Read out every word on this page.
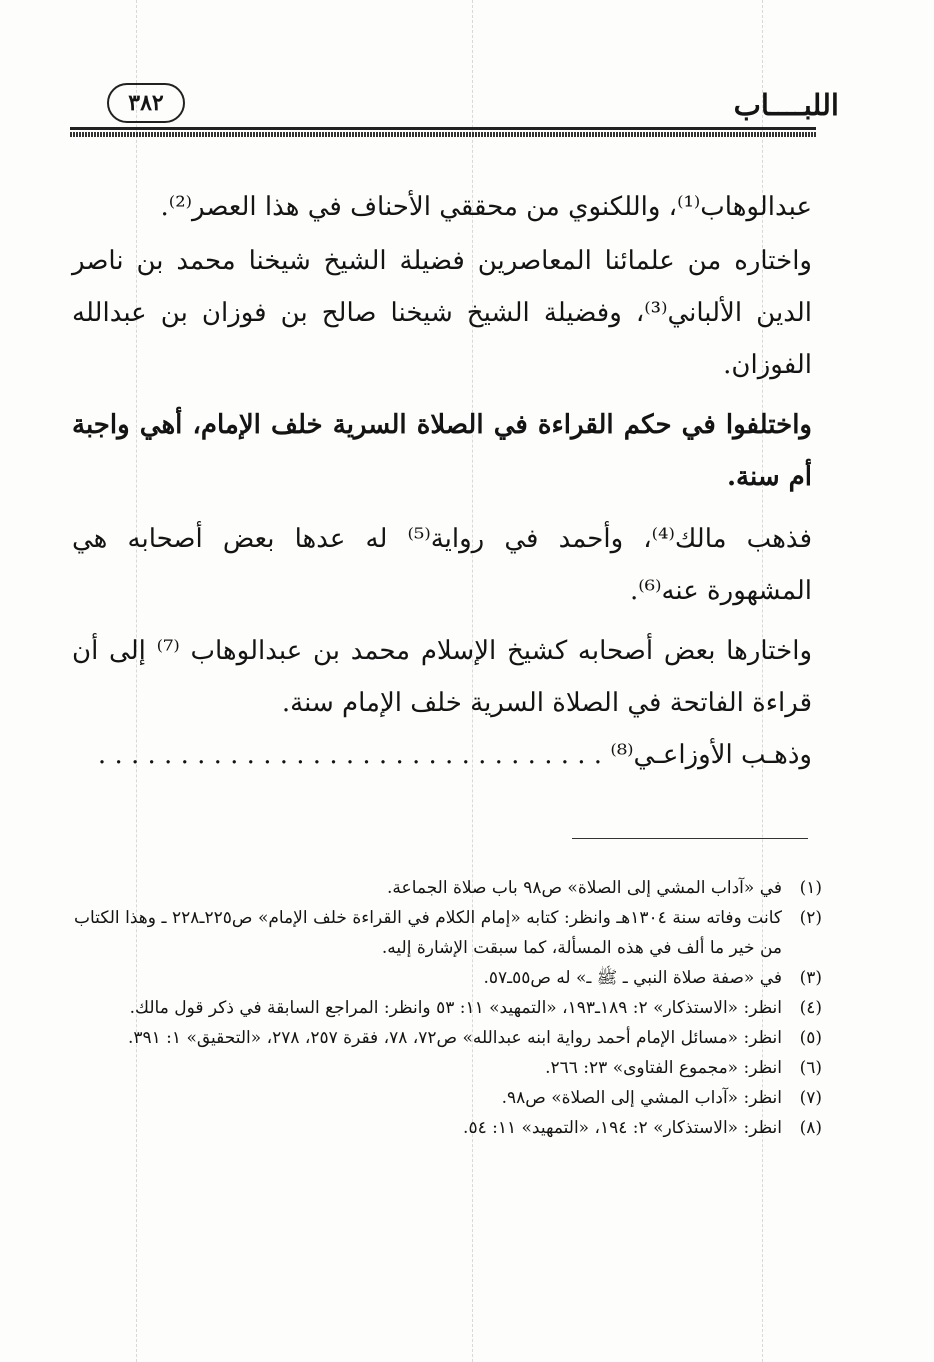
اللبــــاب
٣٨٢

عبدالوهاب⁽¹⁾، واللكنوي من محققي الأحناف في هذا العصر⁽²⁾.

واختاره من علمائنا المعاصرين فضيلة الشيخ شيخنا محمد بن ناصر الدين الألباني⁽³⁾، وفضيلة الشيخ شيخنا صالح بن فوزان بن عبدالله الفوزان.

واختلفوا في حكم القراءة في الصلاة السرية خلف الإمام، أهي واجبة أم سنة.

فذهب مالك⁽⁴⁾، وأحمد في رواية⁽⁵⁾ له عدها بعض أصحابه هي المشهورة عنه⁽⁶⁾.

واختارها بعض أصحابه كشيخ الإسلام محمد بن عبدالوهاب ⁽⁷⁾ إلى أن قراءة الفاتحة في الصلاة السرية خلف الإمام سنة.

وذهـب الأوزاعـي⁽⁸⁾ . . . . . . . . . . . . . . . . . . . . . . . . . . . . . . .

(١)
في «آداب المشي إلى الصلاة» ص٩٨ باب صلاة الجماعة.
(٢)
كانت وفاته سنة ١٣٠٤هـ وانظر: كتابه «إمام الكلام في القراءة خلف الإمام» ص٢٢٥ـ٢٢٨ ـ وهذا الكتاب من خير ما ألف في هذه المسألة، كما سبقت الإشارة إليه.
(٣)
في «صفة صلاة النبي ـ ﷺ ـ» له ص٥٥ـ٥٧.
(٤)
انظر: «الاستذكار» ٢: ١٨٩ـ١٩٣، «التمهيد» ١١: ٥٣ وانظر: المراجع السابقة في ذكر قول مالك.
(٥)
انظر: «مسائل الإمام أحمد رواية ابنه عبدالله» ص٧٢، ٧٨، فقرة ٢٥٧، ٢٧٨، «التحقيق» ١: ٣٩١.
(٦)
انظر: «مجموع الفتاوى» ٢٣: ٢٦٦.
(٧)
انظر: «آداب المشي إلى الصلاة» ص٩٨.
(٨)
انظر: «الاستذكار» ٢: ١٩٤، «التمهيد» ١١: ٥٤.
